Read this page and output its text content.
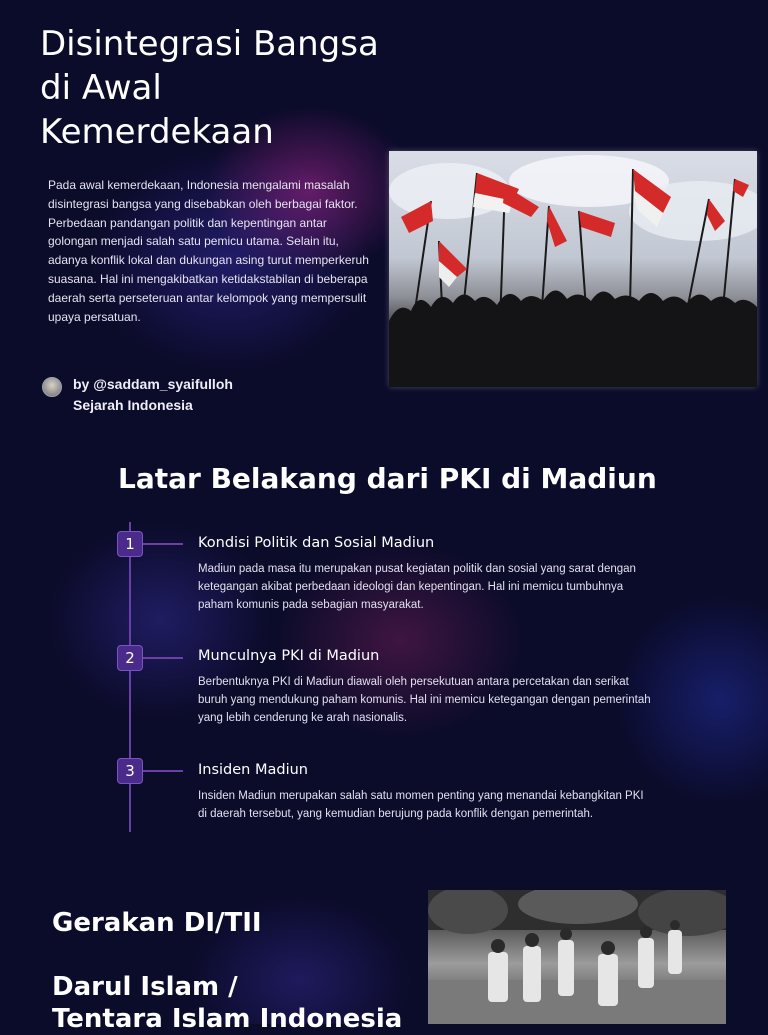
Disintegrasi Bangsa
di Awal
Kemerdekaan

Pada awal kemerdekaan, Indonesia mengalami masalah disintegrasi bangsa yang disebabkan oleh berbagai faktor. Perbedaan pandangan politik dan kepentingan antar golongan menjadi salah satu pemicu utama. Selain itu, adanya konflik lokal dan dukungan asing turut memperkeruh suasana. Hal ini mengakibatkan ketidakstabilan di beberapa daerah serta perseteruan antar kelompok yang mempersulit upaya persatuan.

by @saddam_syaifulloh
Sejarah Indonesia
Latar Belakang dari PKI di Madiun
1	Kondisi Politik dan Sosial Madiun
Madiun pada masa itu merupakan pusat kegiatan politik dan sosial yang sarat dengan ketegangan akibat perbedaan ideologi dan kepentingan. Hal ini memicu tumbuhnya paham komunis pada sebagian masyarakat.
2	Munculnya PKI di Madiun
Berbentuknya PKI di Madiun diawali oleh persekutuan antara percetakan dan serikat buruh yang mendukung paham komunis. Hal ini memicu ketegangan dengan pemerintah yang lebih cenderung ke arah nasionalis.
3	Insiden Madiun
Insiden Madiun merupakan salah satu momen penting yang menandai kebangkitan PKI di daerah tersebut, yang kemudian berujung pada konflik dengan pemerintah.
Gerakan DI/TII
Darul Islam /
Tentara Islam Indonesia
